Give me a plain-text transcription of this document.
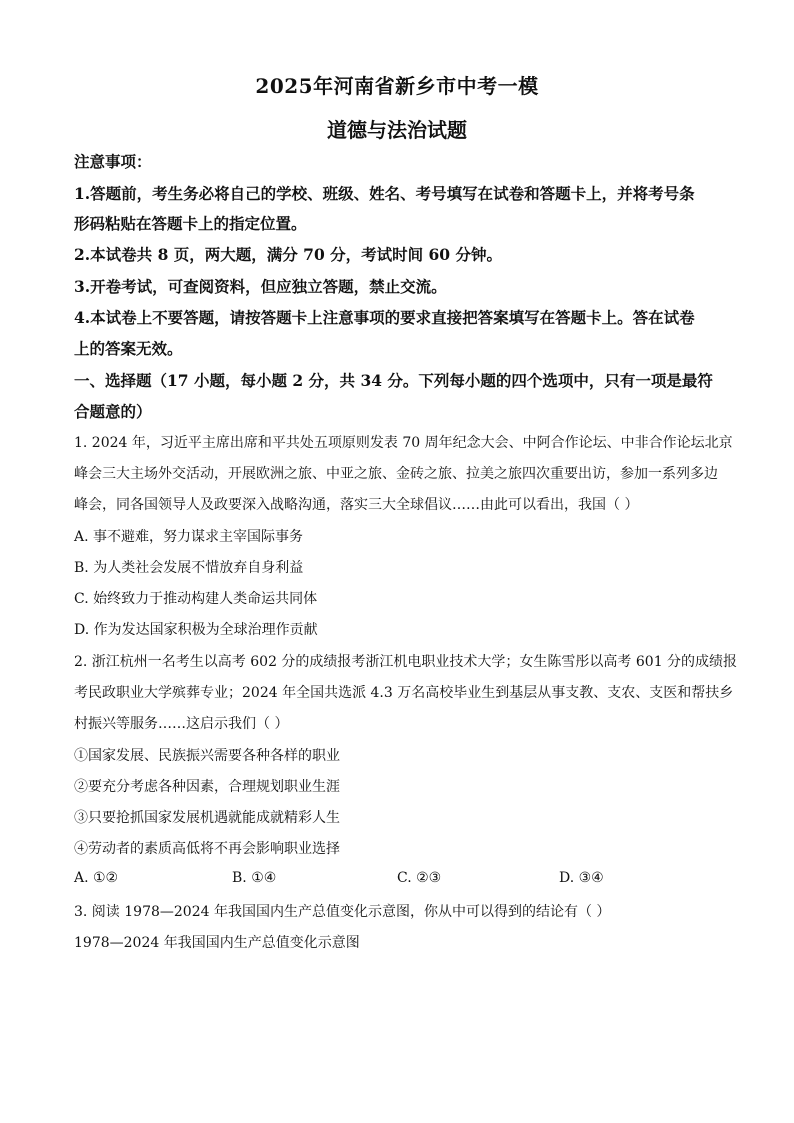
2025年河南省新乡市中考一模
道德与法治试题
注意事项：
1.答题前，考生务必将自己的学校、班级、姓名、考号填写在试卷和答题卡上，并将考号条
形码粘贴在答题卡上的指定位置。
2.本试卷共 8 页，两大题，满分 70 分，考试时间 60 分钟。
3.开卷考试，可查阅资料，但应独立答题，禁止交流。
4.本试卷上不要答题，请按答题卡上注意事项的要求直接把答案填写在答题卡上。答在试卷
上的答案无效。
一、选择题（17 小题，每小题 2 分，共 34 分。下列每小题的四个选项中，只有一项是最符
合题意的）
1. 2024 年，习近平主席出席和平共处五项原则发表 70 周年纪念大会、中阿合作论坛、中非合作论坛北京
峰会三大主场外交活动，开展欧洲之旅、中亚之旅、金砖之旅、拉美之旅四次重要出访，参加一系列多边
峰会，同各国领导人及政要深入战略沟通，落实三大全球倡议……由此可以看出，我国（ ）
A. 事不避难，努力谋求主宰国际事务
B. 为人类社会发展不惜放弃自身利益
C. 始终致力于推动构建人类命运共同体
D. 作为发达国家积极为全球治理作贡献
2. 浙江杭州一名考生以高考 602 分的成绩报考浙江机电职业技术大学；女生陈雪彤以高考 601 分的成绩报
考民政职业大学殡葬专业；2024 年全国共选派 4.3 万名高校毕业生到基层从事支教、支农、支医和帮扶乡
村振兴等服务……这启示我们（ ）
①国家发展、民族振兴需要各种各样的职业
②要充分考虑各种因素，合理规划职业生涯
③只要抢抓国家发展机遇就能成就精彩人生
④劳动者的素质高低将不再会影响职业选择
A. ①②	B. ①④	C. ②③	D. ③④
3. 阅读 1978—2024 年我国国内生产总值变化示意图，你从中可以得到的结论有（ ）
1978—2024 年我国国内生产总值变化示意图
